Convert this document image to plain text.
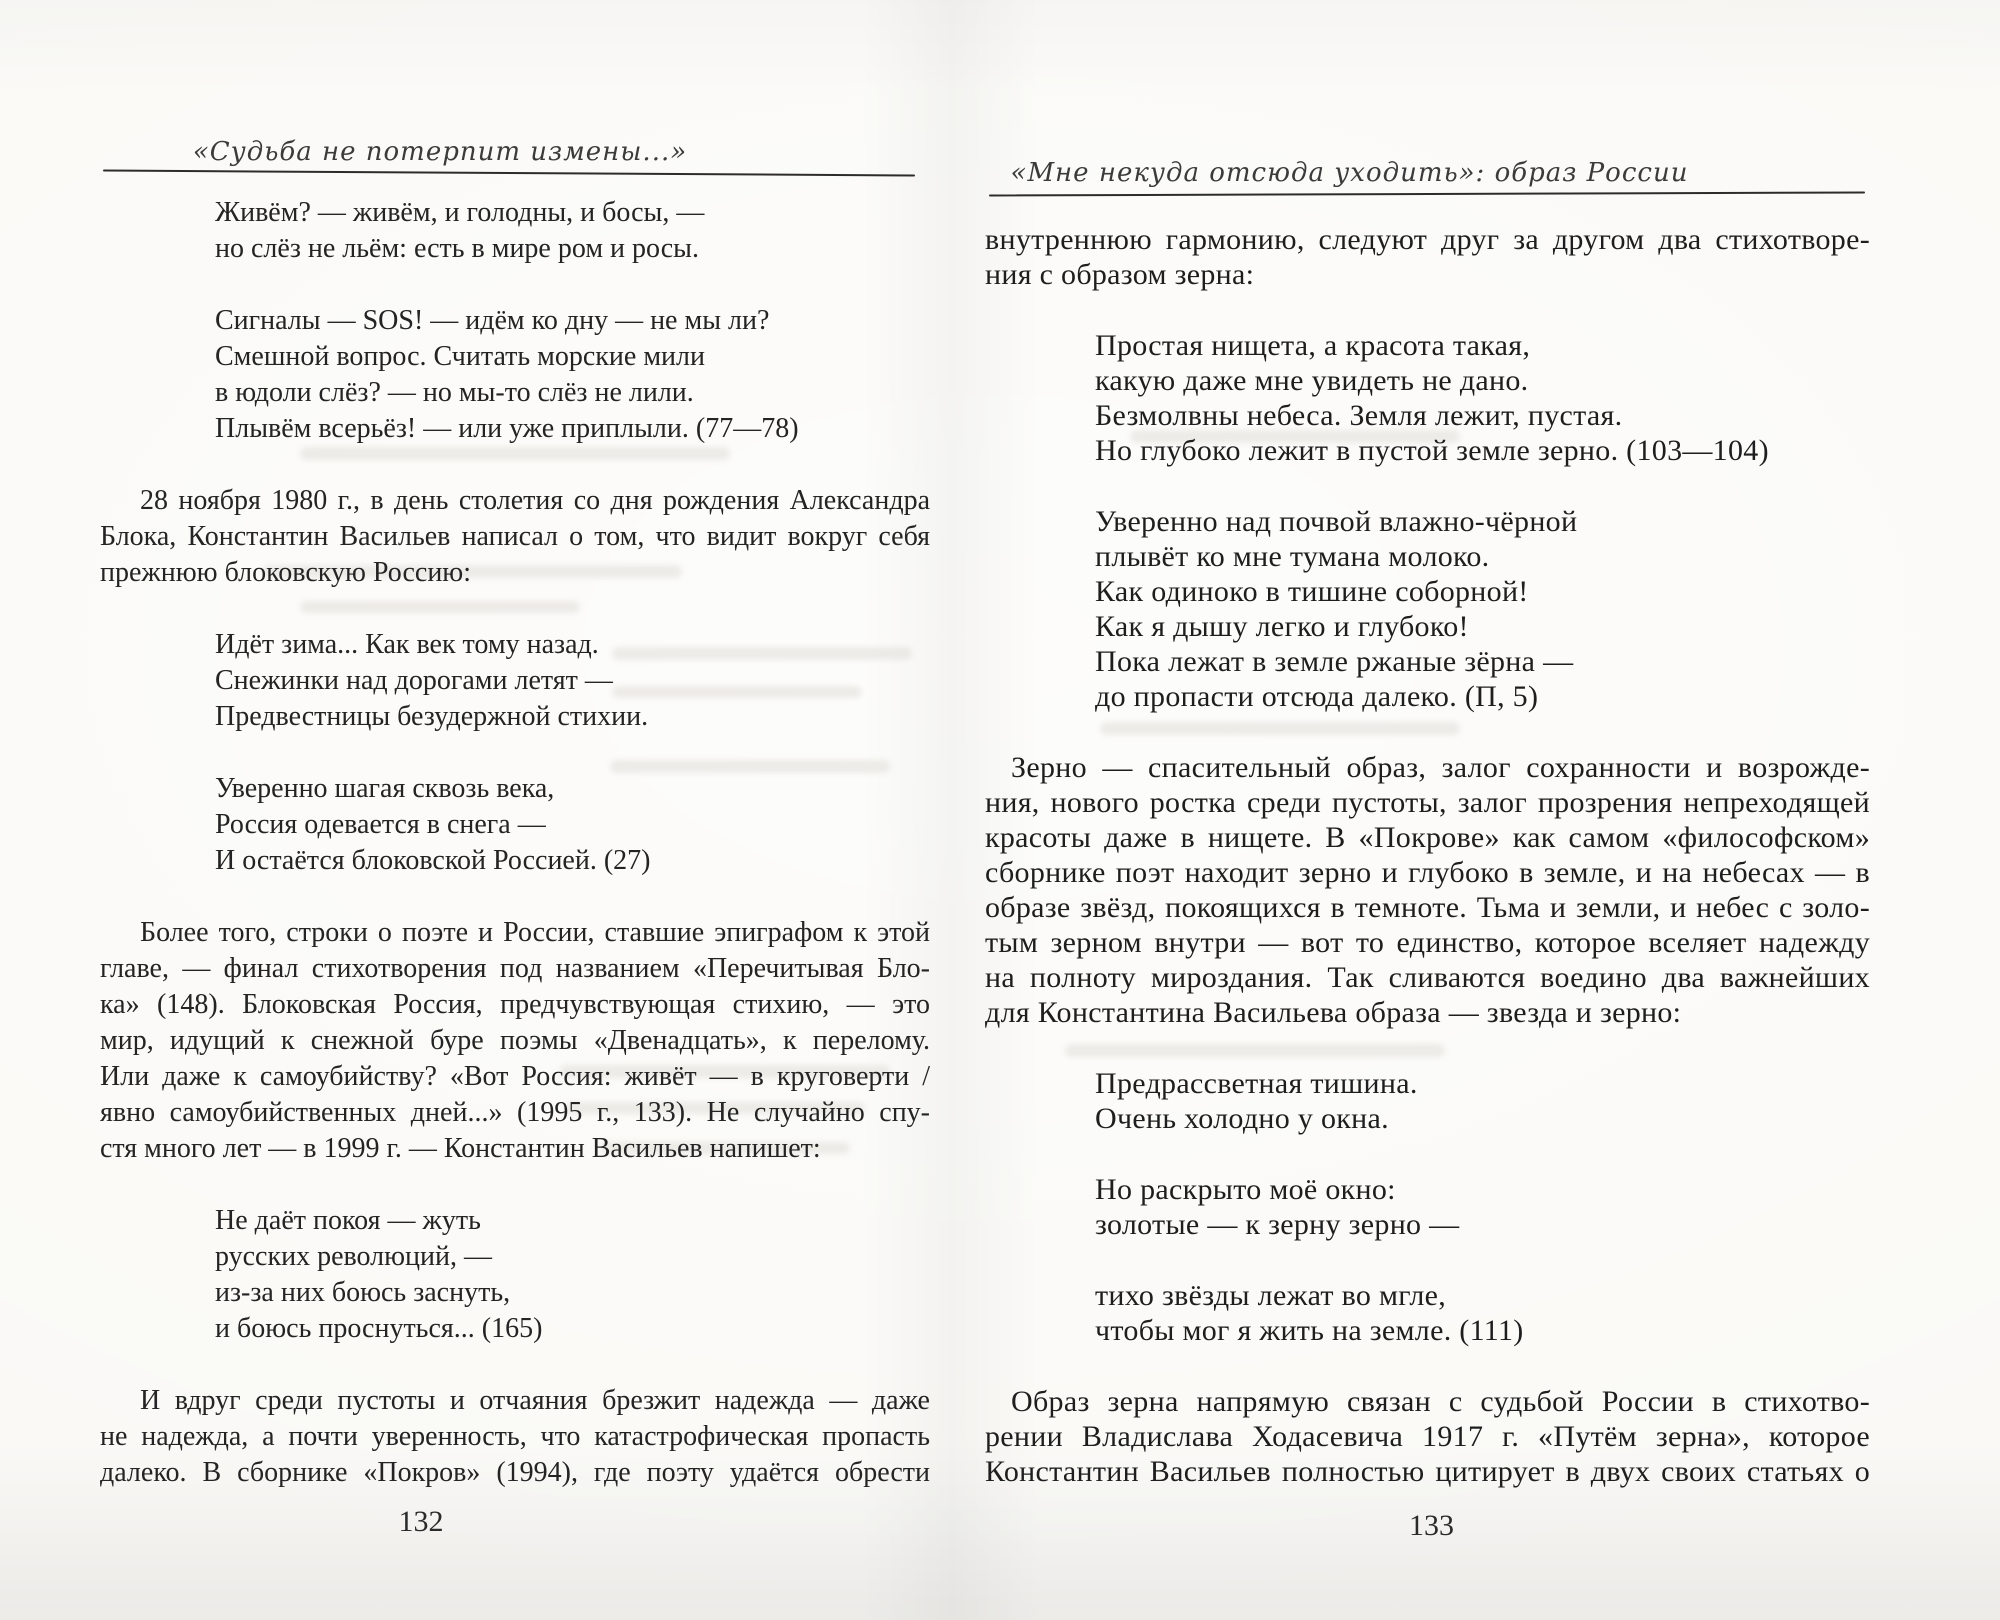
«Судьба не потерпит измены...»
Живём? — живём, и голодны, и босы, —
но слёз не льём: есть в мире ром и росы.
Сигналы — SOS! — идём ко дну — не мы ли?
Смешной вопрос. Считать морские мили
в юдоли слёз? — но мы-то слёз не лили.
Плывём всерьёз! — или уже приплыли. (77—78)
28 ноября 1980 г., в день столетия со дня рождения Александра
Блока, Константин Васильев написал о том, что видит вокруг себя
прежнюю блоковскую Россию:
Идёт зима... Как век тому назад.
Снежинки над дорогами летят —
Предвестницы безудержной стихии.
Уверенно шагая сквозь века,
Россия одевается в снега —
И остаётся блоковской Россией. (27)
Более того, строки о поэте и России, ставшие эпиграфом к этой
главе, — финал стихотворения под названием «Перечитывая Бло-
ка» (148). Блоковская Россия, предчувствующая стихию, — это
мир, идущий к снежной буре поэмы «Двенадцать», к перелому.
Или даже к самоубийству? «Вот Россия: живёт — в круговерти /
явно самоубийственных дней...» (1995 г., 133). Не случайно спу-
стя много лет — в 1999 г. — Константин Васильев напишет:
Не даёт покоя — жуть
русских революций, —
из-за них боюсь заснуть,
и боюсь проснуться... (165)
И вдруг среди пустоты и отчаяния брезжит надежда — даже
не надежда, а почти уверенность, что катастрофическая пропасть
далеко. В сборнике «Покров» (1994), где поэту удаётся обрести
132
«Мне некуда отсюда уходить»: образ России
внутреннюю гармонию, следуют друг за другом два стихотворе-
ния с образом зерна:
Простая нищета, а красота такая,
какую даже мне увидеть не дано.
Безмолвны небеса. Земля лежит, пустая.
Но глубоко лежит в пустой земле зерно. (103—104)
Уверенно над почвой влажно-чёрной
плывёт ко мне тумана молоко.
Как одиноко в тишине соборной!
Как я дышу легко и глубоко!
Пока лежат в земле ржаные зёрна —
до пропасти отсюда далеко. (П, 5)
Зерно — спасительный образ, залог сохранности и возрожде-
ния, нового ростка среди пустоты, залог прозрения непреходящей
красоты даже в нищете. В «Покрове» как самом «философском»
сборнике поэт находит зерно и глубоко в земле, и на небесах — в
образе звёзд, покоящихся в темноте. Тьма и земли, и небес с золо-
тым зерном внутри — вот то единство, которое вселяет надежду
на полноту мироздания. Так сливаются воедино два важнейших
для Константина Васильева образа — звезда и зерно:
Предрассветная тишина.
Очень холодно у окна.
Но раскрыто моё окно:
золотые — к зерну зерно —
тихо звёзды лежат во мгле,
чтобы мог я жить на земле. (111)
Образ зерна напрямую связан с судьбой России в стихотво-
рении Владислава Ходасевича 1917 г. «Путём зерна», которое
Константин Васильев полностью цитирует в двух своих статьях о
133
